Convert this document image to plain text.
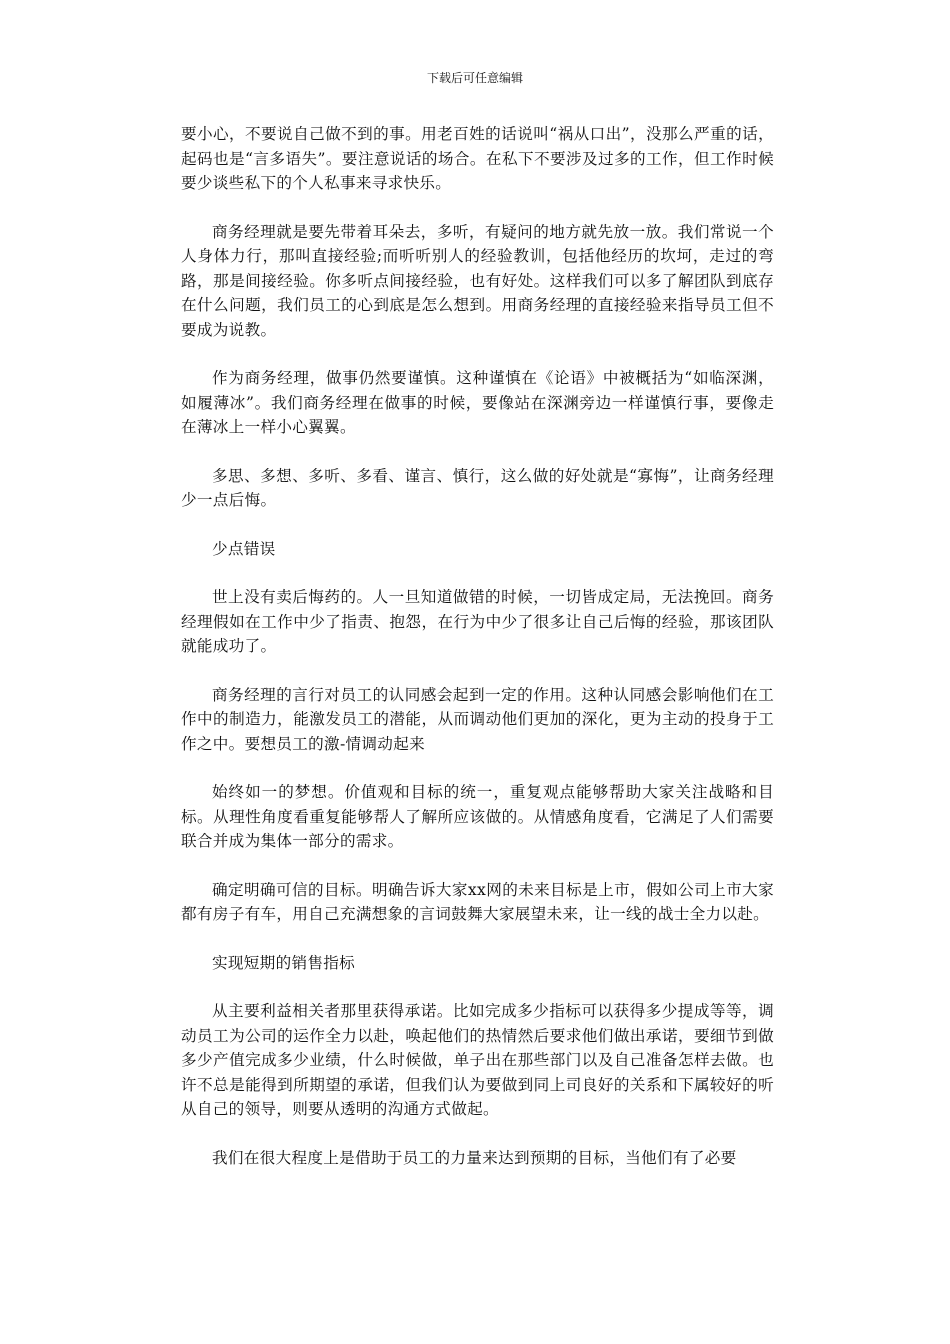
下载后可任意编辑

要小心，不要说自己做不到的事。用老百姓的话说叫“祸从口出”，没那么严重的话，起码也是“言多语失”。要注意说话的场合。在私下不要涉及过多的工作，但工作时候要少谈些私下的个人私事来寻求快乐。

商务经理就是要先带着耳朵去，多听，有疑问的地方就先放一放。我们常说一个人身体力行，那叫直接经验;而听听别人的经验教训，包括他经历的坎坷，走过的弯路，那是间接经验。你多听点间接经验，也有好处。这样我们可以多了解团队到底存在什么问题，我们员工的心到底是怎么想到。用商务经理的直接经验来指导员工但不要成为说教。

作为商务经理，做事仍然要谨慎。这种谨慎在《论语》中被概括为“如临深渊，如履薄冰”。我们商务经理在做事的时候，要像站在深渊旁边一样谨慎行事，要像走在薄冰上一样小心翼翼。

多思、多想、多听、多看、谨言、慎行，这么做的好处就是“寡悔”，让商务经理少一点后悔。

少点错误

世上没有卖后悔药的。人一旦知道做错的时候，一切皆成定局，无法挽回。商务经理假如在工作中少了指责、抱怨，在行为中少了很多让自己后悔的经验，那该团队就能成功了。

商务经理的言行对员工的认同感会起到一定的作用。这种认同感会影响他们在工作中的制造力，能激发员工的潜能，从而调动他们更加的深化，更为主动的投身于工作之中。要想员工的激-情调动起来

始终如一的梦想。价值观和目标的统一，重复观点能够帮助大家关注战略和目标。从理性角度看重复能够帮人了解所应该做的。从情感角度看，它满足了人们需要联合并成为集体一部分的需求。

确定明确可信的目标。明确告诉大家xx网的未来目标是上市，假如公司上市大家都有房子有车，用自己充满想象的言词鼓舞大家展望未来，让一线的战士全力以赴。

实现短期的销售指标

从主要利益相关者那里获得承诺。比如完成多少指标可以获得多少提成等等，调动员工为公司的运作全力以赴，唤起他们的热情然后要求他们做出承诺，要细节到做多少产值完成多少业绩，什么时候做，单子出在那些部门以及自己准备怎样去做。也许不总是能得到所期望的承诺，但我们认为要做到同上司良好的关系和下属较好的听从自己的领导，则要从透明的沟通方式做起。

我们在很大程度上是借助于员工的力量来达到预期的目标，当他们有了必要
